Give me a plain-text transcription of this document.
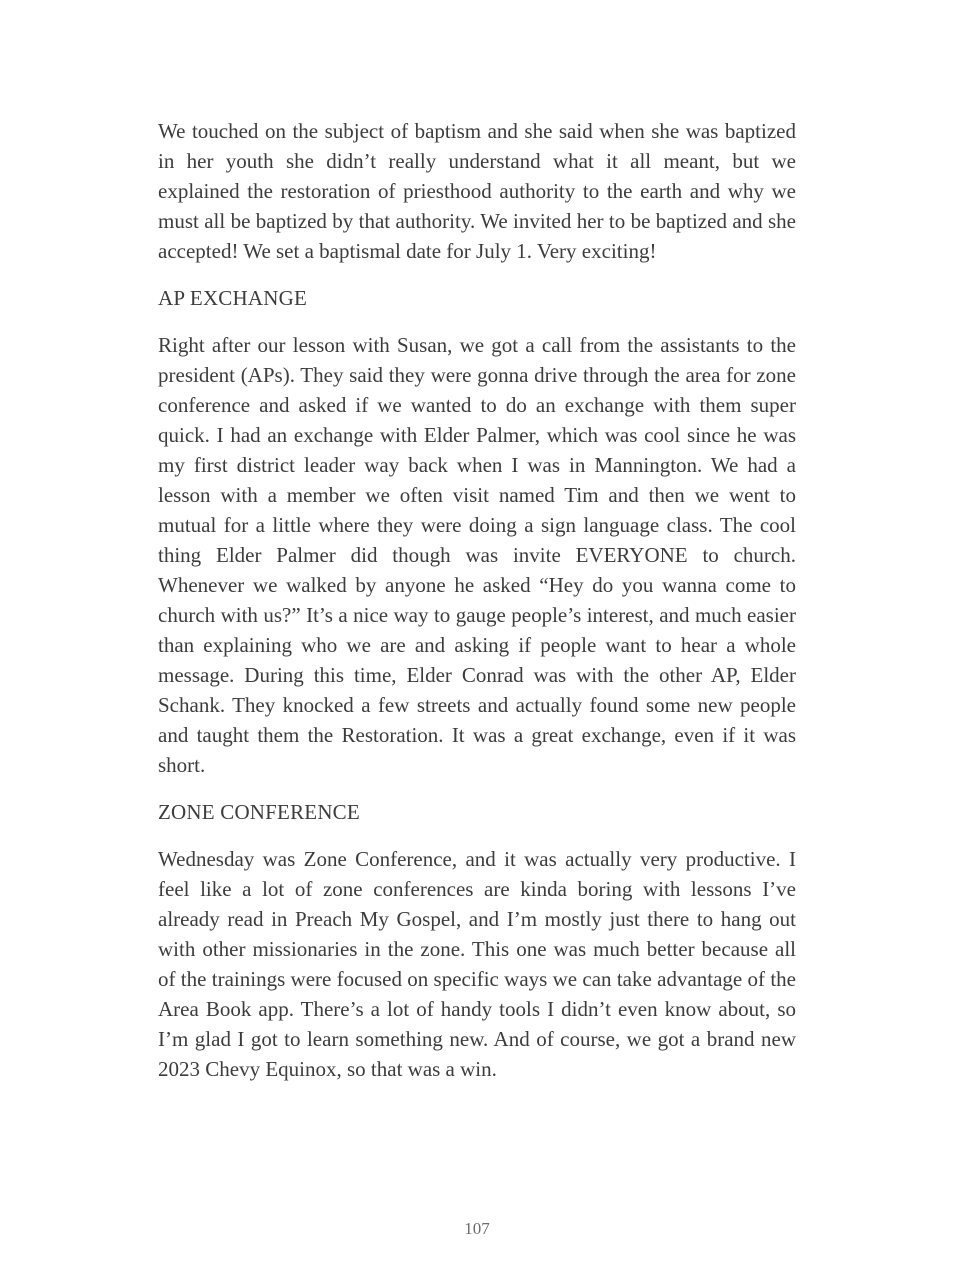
We touched on the subject of baptism and she said when she was baptized in her youth she didn’t really understand what it all meant, but we explained the restoration of priesthood authority to the earth and why we must all be baptized by that authority. We invited her to be baptized and she accepted! We set a baptismal date for July 1. Very exciting!

AP EXCHANGE

Right after our lesson with Susan, we got a call from the assistants to the president (APs). They said they were gonna drive through the area for zone conference and asked if we wanted to do an exchange with them super quick. I had an exchange with Elder Palmer, which was cool since he was my first district leader way back when I was in Mannington. We had a lesson with a member we often visit named Tim and then we went to mutual for a little where they were doing a sign language class. The cool thing Elder Palmer did though was invite EVERYONE to church. Whenever we walked by anyone he asked “Hey do you wanna come to church with us?” It’s a nice way to gauge people’s interest, and much easier than explaining who we are and asking if people want to hear a whole message. During this time, Elder Conrad was with the other AP, Elder Schank. They knocked a few streets and actually found some new people and taught them the Restoration. It was a great exchange, even if it was short.

ZONE CONFERENCE

Wednesday was Zone Conference, and it was actually very productive. I feel like a lot of zone conferences are kinda boring with lessons I’ve already read in Preach My Gospel, and I’m mostly just there to hang out with other missionaries in the zone. This one was much better because all of the trainings were focused on specific ways we can take advantage of the Area Book app. There’s a lot of handy tools I didn’t even know about, so I’m glad I got to learn something new. And of course, we got a brand new 2023 Chevy Equinox, so that was a win.

107
